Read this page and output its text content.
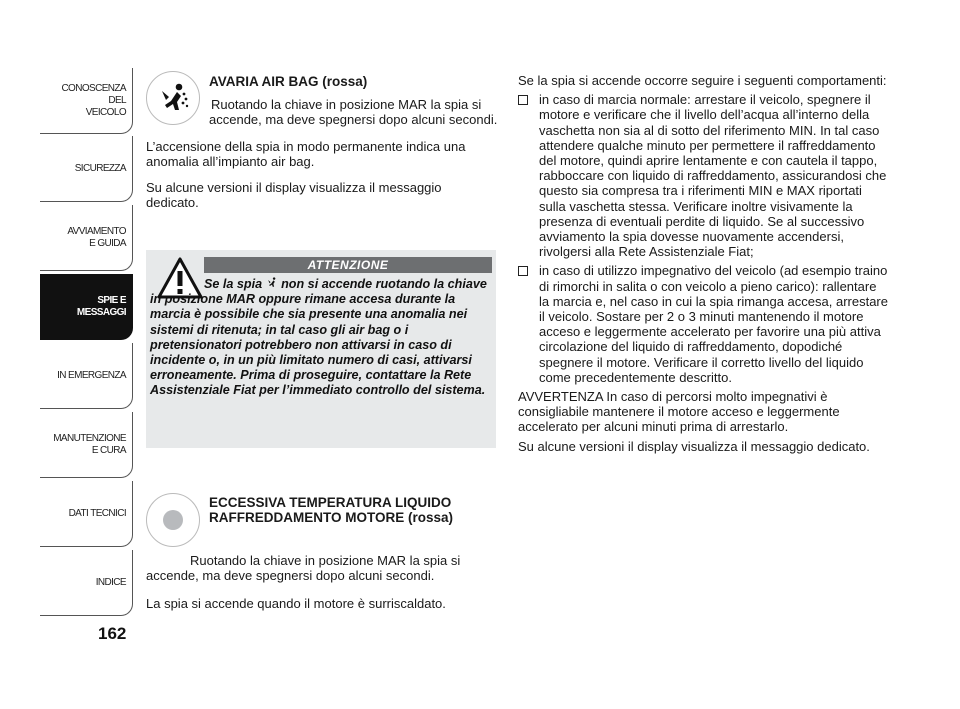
CONOSCENZA
DEL
VEICOLO
SICUREZZA
AVVIAMENTO
E GUIDA
SPIE E
MESSAGGI
IN EMERGENZA
MANUTENZIONE
E CURA
DATI TECNICI
INDICE
162
AVARIA AIR BAG (rossa)

Ruotando la chiave in posizione MAR la spia si accende, ma deve spegnersi dopo alcuni secondi.

L’accensione della spia in modo permanente indica una anomalia all’impianto air bag.

Su alcune versioni il display visualizza il messaggio dedicato.

ATTENZIONE
Se la spia non si accende ruotando la chiave in posizione MAR oppure rimane accesa durante la marcia è possibile che sia presente una anomalia nei sistemi di ritenuta; in tal caso gli air bag o i pretensionatori potrebbero non attivarsi in caso di incidente o, in un più limitato numero di casi, attivarsi erroneamente. Prima di proseguire, contattare la Rete Assistenziale Fiat per l’immediato controllo del sistema.
ECCESSIVA TEMPERATURA LIQUIDO RAFFREDDAMENTO MOTORE (rossa)

Ruotando la chiave in posizione MAR la spia si accende, ma deve spegnersi dopo alcuni secondi.

La spia si accende quando il motore è surriscaldato.

Se la spia si accende occorre seguire i seguenti comportamenti:

in caso di marcia normale: arrestare il veicolo, spegnere il motore e verificare che il livello dell’acqua all’interno della vaschetta non sia al di sotto del riferimento MIN. In tal caso attendere qualche minuto per permettere il raffreddamento del motore, quindi aprire lentamente e con cautela il tappo, rabboccare con liquido di raffreddamento, assicurandosi che questo sia compresa tra i riferimenti MIN e MAX riportati sulla vaschetta stessa. Verificare inoltre visivamente la presenza di eventuali perdite di liquido. Se al successivo avviamento la spia dovesse nuovamente accendersi, rivolgersi alla Rete Assistenziale Fiat;
in caso di utilizzo impegnativo del veicolo (ad esempio traino di rimorchi in salita o con veicolo a pieno carico): rallentare la marcia e, nel caso in cui la spia rimanga accesa, arrestare il veicolo. Sostare per 2 o 3 minuti mantenendo il motore acceso e leggermente accelerato per favorire una più attiva circolazione del liquido di raffreddamento, dopodiché spegnere il motore. Verificare il corretto livello del liquido come precedentemente descritto.

AVVERTENZA In caso di percorsi molto impegnativi è consigliabile mantenere il motore acceso e leggermente accelerato per alcuni minuti prima di arrestarlo.

Su alcune versioni il display visualizza il messaggio dedicato.
